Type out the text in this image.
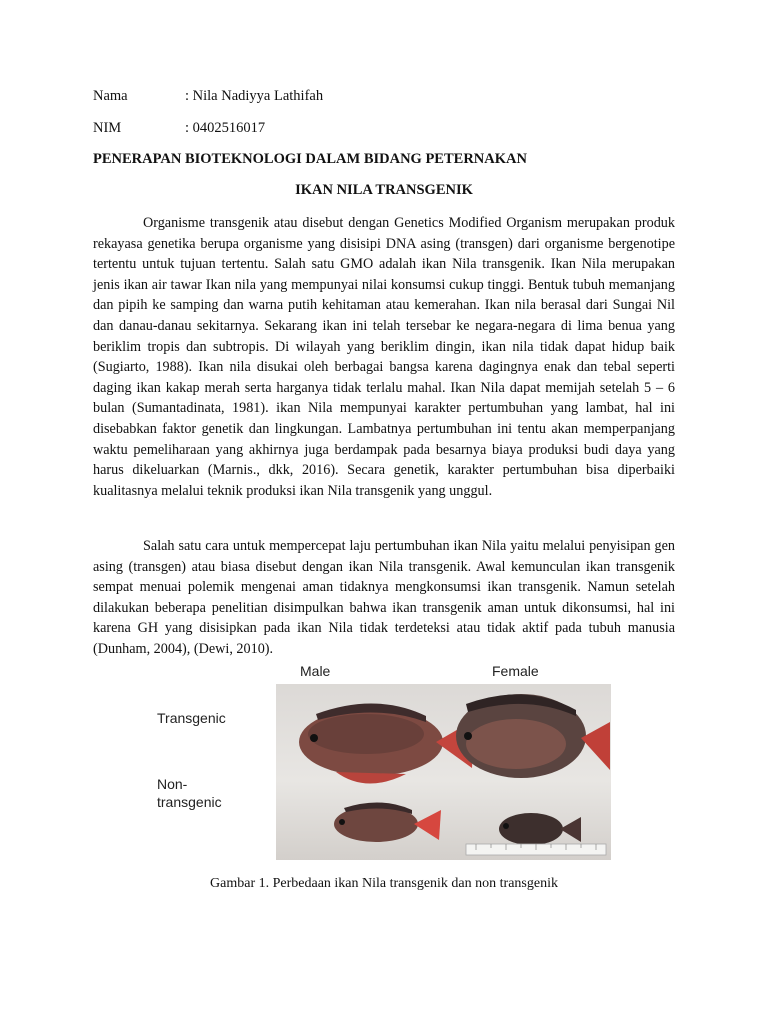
Nama	: Nila Nadiyya Lathifah
NIM	: 0402516017
PENERAPAN BIOTEKNOLOGI DALAM BIDANG PETERNAKAN
IKAN NILA TRANSGENIK

Organisme transgenik atau disebut dengan Genetics Modified Organism merupakan produk rekayasa genetika berupa organisme yang disisipi DNA asing (transgen) dari organisme bergenotipe tertentu untuk tujuan tertentu. Salah satu GMO adalah ikan Nila transgenik. Ikan Nila merupakan jenis ikan air tawar Ikan nila yang mempunyai nilai konsumsi cukup tinggi. Bentuk tubuh memanjang dan pipih ke samping dan warna putih kehitaman atau kemerahan. Ikan nila berasal dari Sungai Nil dan danau-danau sekitarnya. Sekarang ikan ini telah tersebar ke negara-negara di lima benua yang beriklim tropis dan subtropis. Di wilayah yang beriklim dingin, ikan nila tidak dapat hidup baik (Sugiarto, 1988). Ikan nila disukai oleh berbagai bangsa karena dagingnya enak dan tebal seperti daging ikan kakap merah serta harganya tidak terlalu mahal. Ikan Nila dapat memijah setelah 5 – 6 bulan (Sumantadinata, 1981). ikan Nila mempunyai karakter pertumbuhan yang lambat, hal ini disebabkan faktor genetik dan lingkungan. Lambatnya pertumbuhan ini tentu akan memperpanjang waktu pemeliharaan yang akhirnya juga berdampak pada besarnya biaya produksi budi daya yang harus dikeluarkan (Marnis., dkk, 2016). Secara genetik, karakter pertumbuhan bisa diperbaiki kualitasnya melalui teknik produksi ikan Nila transgenik yang unggul.

Salah satu cara untuk mempercepat laju pertumbuhan ikan Nila yaitu melalui penyisipan gen asing (transgen) atau biasa disebut dengan ikan Nila transgenik. Awal kemunculan ikan transgenik sempat menuai polemik mengenai aman tidaknya mengkonsumsi ikan transgenik. Namun setelah dilakukan beberapa penelitian disimpulkan bahwa ikan transgenik aman untuk dikonsumsi, hal ini karena GH yang disisipkan pada ikan Nila tidak terdeteksi atau tidak aktif pada tubuh manusia (Dunham, 2004), (Dewi, 2010).

Male	Female
Transgenic
Non-
transgenic
Gambar 1. Perbedaan ikan Nila transgenik dan non transgenik
